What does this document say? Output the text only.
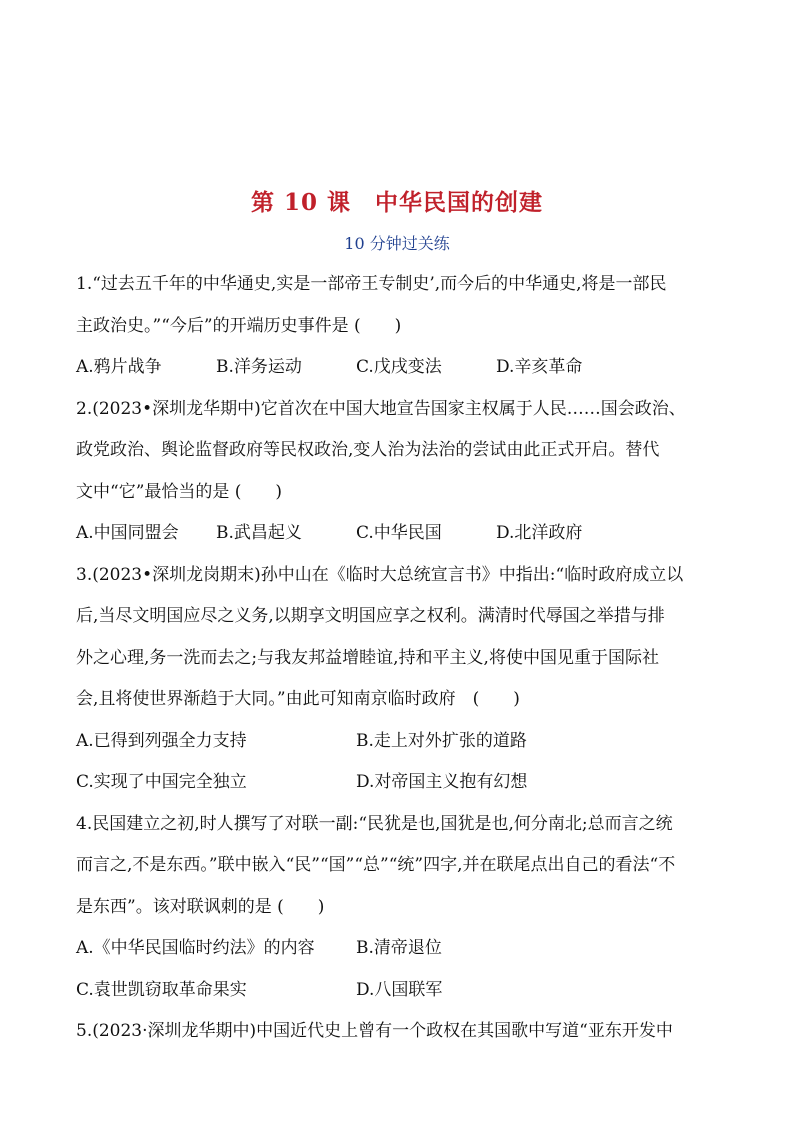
第 10 课　中华民国的创建
10 分钟过关练
1.“过去五千年的中华通史,实是一部帝王专制史’,而今后的中华通史,将是一部民
主政治史。”“今后”的开端历史事件是 (　　)
A.鸦片战争	B.洋务运动	C.戊戌变法	D.辛亥革命
2.(2023•深圳龙华期中)它首次在中国大地宣告国家主权属于人民……国会政治、
政党政治、舆论监督政府等民权政治,变人治为法治的尝试由此正式开启。替代
文中“它”最恰当的是 (　　)
A.中国同盟会 B.武昌起义	C.中华民国	D.北洋政府
3.(2023•深圳龙岗期末)孙中山在《临时大总统宣言书》中指出:“临时政府成立以
后,当尽文明国应尽之义务,以期享文明国应享之权利。满清时代辱国之举措与排
外之心理,务一洗而去之;与我友邦益增睦谊,持和平主义,将使中国见重于国际社
会,且将使世界渐趋于大同。”由此可知南京临时政府　(　　)
A.已得到列强全力支持	B.走上对外扩张的道路
C.实现了中国完全独立	D.对帝国主义抱有幻想
4.民国建立之初,时人撰写了对联一副:“民犹是也,国犹是也,何分南北;总而言之统
而言之,不是东西。”联中嵌入“民”“国”“总”“统”四字,并在联尾点出自己的看法“不
是东西”。该对联讽刺的是 (　　)
A.《中华民国临时约法》的内容 B.清帝退位
C.袁世凯窃取革命果实	D.八国联军
5.(2023·深圳龙华期中)中国近代史上曾有一个政权在其国歌中写道“亚东开发中
